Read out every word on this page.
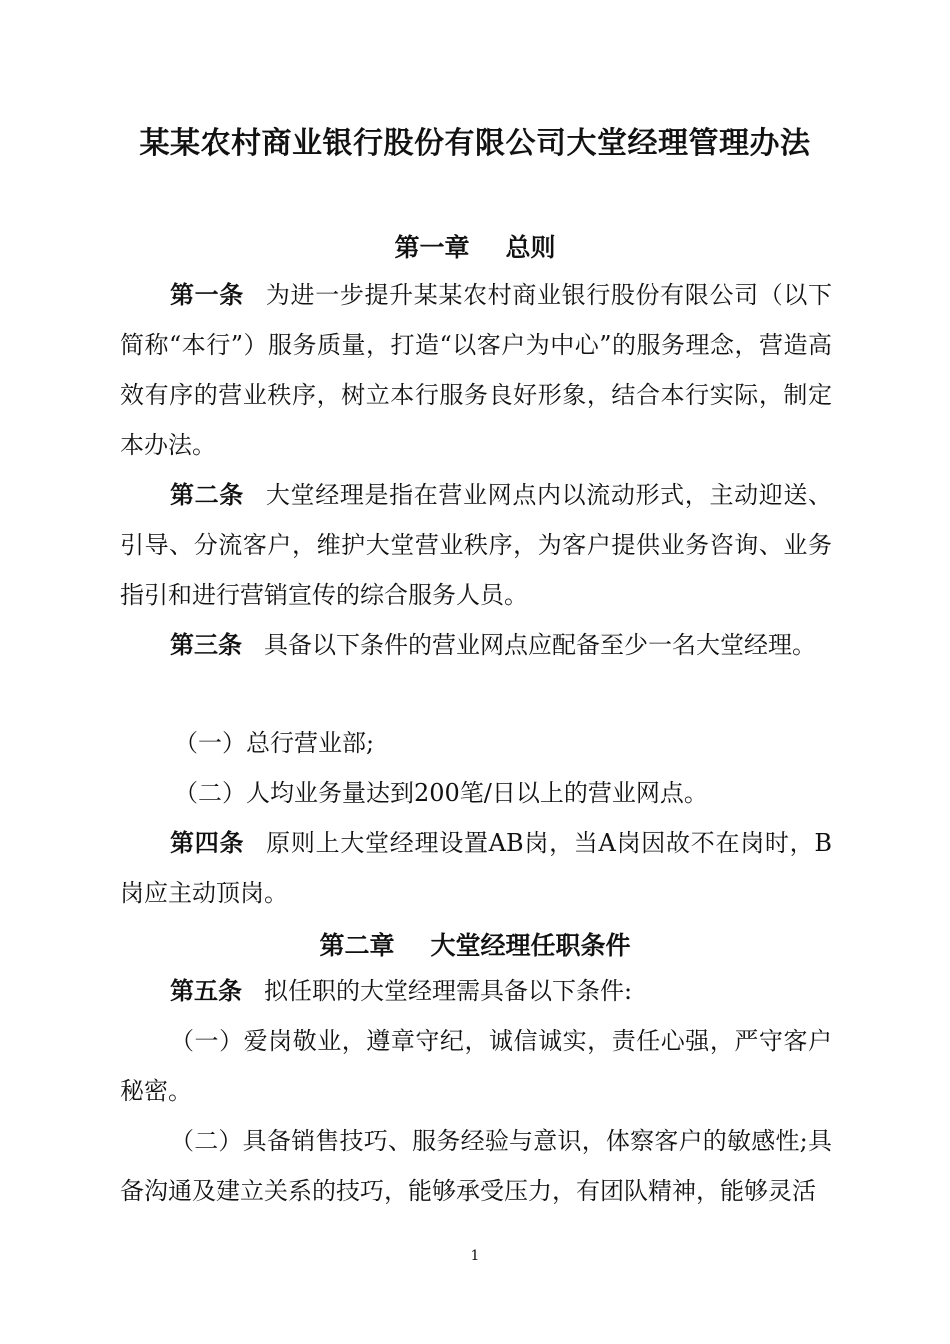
某某农村商业银行股份有限公司大堂经理管理办法
第一章 总则
第一条 为进一步提升某某农村商业银行股份有限公司（以下简称“本行”）服务质量，打造“以客户为中心”的服务理念，营造高效有序的营业秩序，树立本行服务良好形象，结合本行实际，制定本办法。
第二条 大堂经理是指在营业网点内以流动形式，主动迎送、引导、分流客户，维护大堂营业秩序，为客户提供业务咨询、业务指引和进行营销宣传的综合服务人员。
第三条 具备以下条件的营业网点应配备至少一名大堂经理。
（一）总行营业部;
（二）人均业务量达到200笔/日以上的营业网点。
第四条 原则上大堂经理设置AB岗，当A岗因故不在岗时，B岗应主动顶岗。
第二章 大堂经理任职条件
第五条 拟任职的大堂经理需具备以下条件:
（一）爱岗敬业，遵章守纪，诚信诚实，责任心强，严守客户秘密。
（二）具备销售技巧、服务经验与意识，体察客户的敏感性;具备沟通及建立关系的技巧，能够承受压力，有团队精神，能够灵活
1
